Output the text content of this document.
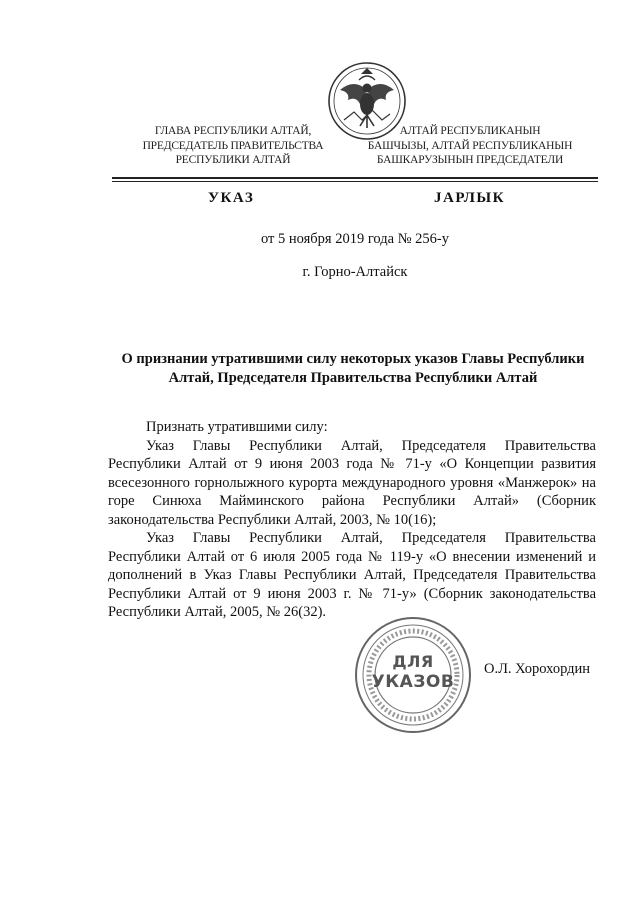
ГЛАВА РЕСПУБЛИКИ АЛТАЙ,
ПРЕДСЕДАТЕЛЬ ПРАВИТЕЛЬСТВА
РЕСПУБЛИКИ АЛТАЙ
АЛТАЙ РЕСПУБЛИКАНЫН
БАШЧЫЗЫ, АЛТАЙ РЕСПУБЛИКАНЫН
БАШКАРУЗЫНЫН ПРЕДСЕДАТЕЛИ
УКАЗ	JАРЛЫК
от 5 ноября 2019 года № 256-у
г. Горно-Алтайск
О признании утратившими силу некоторых указов Главы Республики
Алтай, Председателя Правительства Республики Алтай

Признать утратившими силу:

Указ Главы Республики Алтай, Председателя Правительства Республики Алтай от 9 июня 2003 года № 71-у «О Концепции развития всесезонного горнолыжного курорта международного уровня «Манжерок» на горе Синюха Майминского района Республики Алтай» (Сборник законодательства Республики Алтай, 2003, № 10(16);

Указ Главы Республики Алтай, Председателя Правительства Республики Алтай от 6 июля 2005 года № 119-у «О внесении изменений и дополнений в Указ Главы Республики Алтай, Председателя Правительства Республики Алтай от 9 июня 2003 г. № 71-у» (Сборник законодательства Республики Алтай, 2005, № 26(32).

ДЛЯ
УКАЗОВ
О.Л. Хорохордин
